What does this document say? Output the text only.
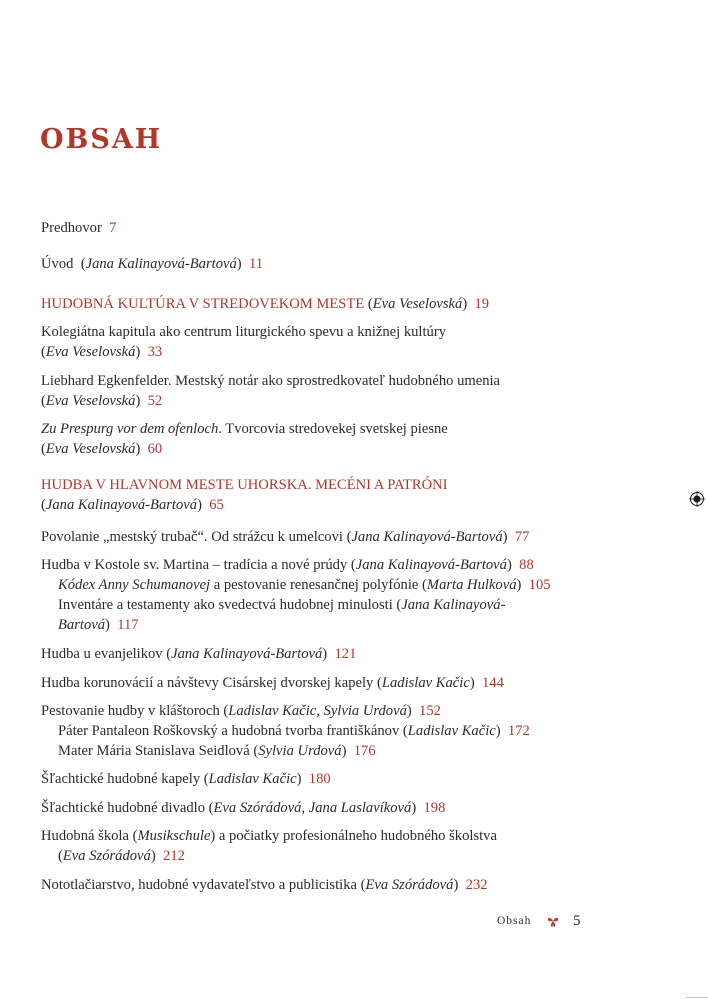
OBSAH
Predhovor 7
Úvod  (Jana Kalinayová-Bartová)  11
HUDOBNÁ KULTÚRA V STREDOVEKOM MESTE (Eva Veselovská)  19
Kolegiátna kapitula ako centrum liturgického spevu a knižnej kultúry
(Eva Veselovská)  33
Liebhard Egkenfelder. Mestský notár ako sprostredkovateľ hudobného umenia
(Eva Veselovská)  52
Zu Prespurg vor dem ofenloch. Tvorcovia stredovekej svetskej piesne
(Eva Veselovská)  60
HUDBA V HLAVNOM MESTE UHORSKA. MECÉNI A PATRÓNI
(Jana Kalinayová-Bartová)  65
Povolanie „mestský trubač“. Od strážcu k umelcovi (Jana Kalinayová-Bartová)  77
Hudba v Kostole sv. Martina – tradícia a nové prúdy (Jana Kalinayová-Bartová)  88
Kódex Anny Schumanovej a pestovanie renesančnej polyfónie (Marta Hulková)  105
Inventáre a testamenty ako svedectvá hudobnej minulosti (Jana Kalinayová-
Bartová)  117
Hudba u evanjelikov (Jana Kalinayová-Bartová)  121
Hudba korunovácií a návštevy Cisárskej dvorskej kapely (Ladislav Kačic)  144
Pestovanie hudby v kláštoroch (Ladislav Kačic, Sylvia Urdová)  152
Páter Pantaleon Roškovský a hudobná tvorba františkánov (Ladislav Kačic)  172
Mater Mária Stanislava Seidlová (Sylvia Urdová)  176
Šľachtické hudobné kapely (Ladislav Kačic)  180
Šľachtické hudobné divadlo (Eva Szórádová, Jana Laslavíková)  198
Hudobná škola (Musikschule) a počiatky profesionálneho hudobného školstva
(Eva Szórádová)  212
Nototlačiarstvo, hudobné vydavateľstvo a publicistika (Eva Szórádová)  232
Obsah	5
